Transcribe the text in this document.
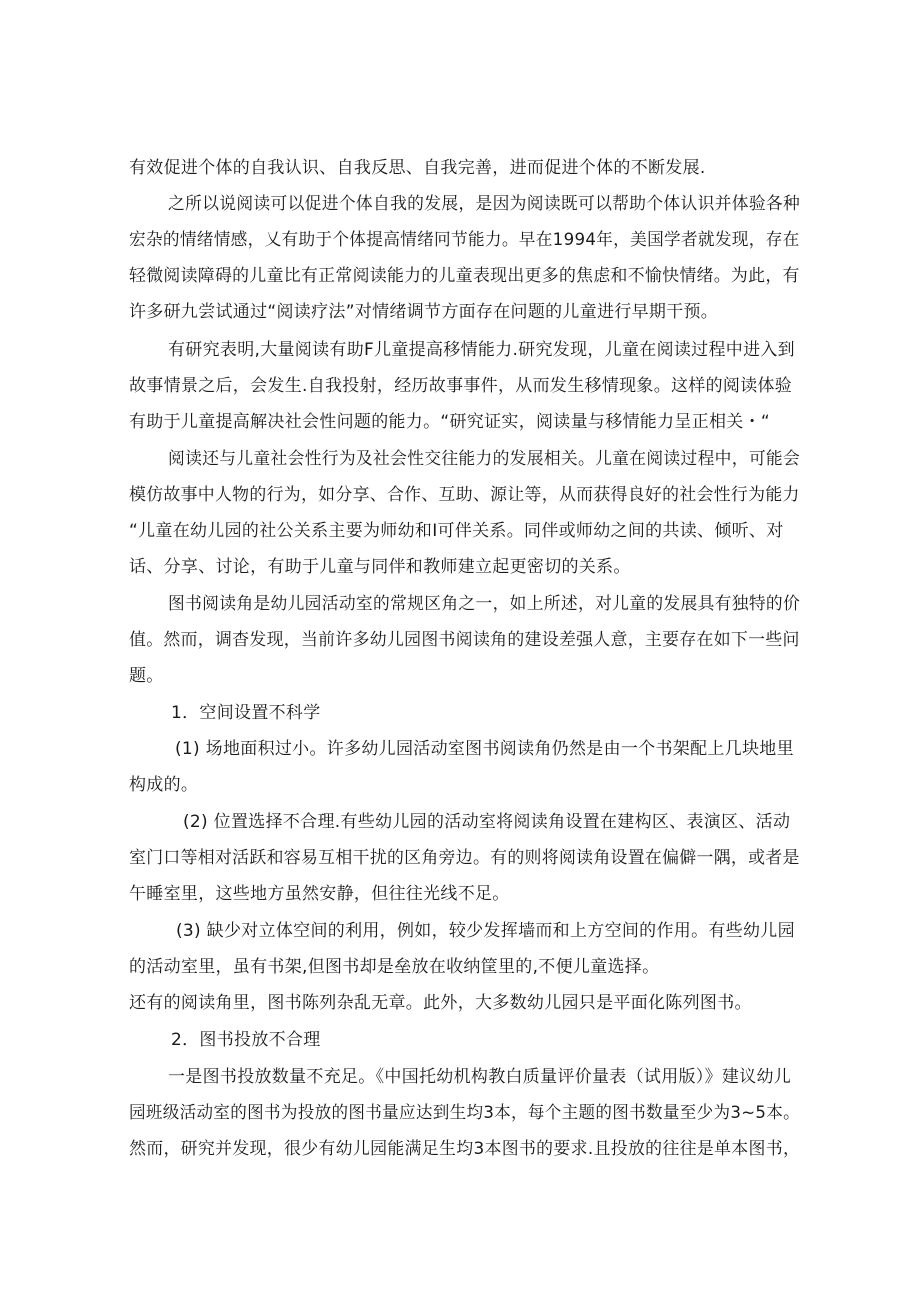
有效促进个体的自我认识、自我反思、自我完善，进而促进个体的不断发展.
之所以说阅读可以促进个体自我的发展，是因为阅读既可以帮助个体认识并体验各种
宏杂的情绪情感，乂有助于个体提高情绪冋节能力。早在1994年，美国学者就发现，存在
轻微阅读障碍的儿童比有正常阅读能力的儿童表现出更多的焦虑和不愉快情绪。为此，有
许多研九尝试通过“阅读疗法”对情绪调节方面存在问题的儿童进行早期干预。
有研究表明,大量阅读有助F儿童提高移情能力.研究发现，儿童在阅读过程中进入到
故事情景之后，会发生.自我投射，经历故事事件，从而发生移情现象。这样的阅读体验
有助于儿童提高解决社会性问题的能力。“研究证实，阅读量与移情能力呈正相关・“
阅读还与儿童社会性行为及社会性交往能力的发展相关。儿童在阅读过程中，可能会
模仿故事中人物的行为，如分享、合作、互助、源让等，从而获得良好的社会性行为能力
“儿童在幼儿园的社公关系主要为师幼和I可伴关系。同伴或师幼之间的共读、倾听、对
话、分享、讨论，有助于儿童与同伴和教师建立起更密切的关系。
图书阅读角是幼儿园活动室的常规区角之一，如上所述，对儿童的发展具有独特的价
值。然而，调杳发现，当前许多幼儿园图书阅读角的建设差强人意，主要存在如下一些问
题。
1．空间设置不科学
(1) 场地面积过小。许多幼儿园活动室图书阅读角仍然是由一个书架配上几块地里
构成的。
(2) 位置选择不合理.有些幼儿园的活动室将阅读角设置在建构区、表演区、活动
室门口等相对活跃和容易互相干扰的区角旁边。有的则将阅读角设置在偏僻一隅，或者是
午睡室里，这些地方虽然安静，但往往光线不足。
(3) 缺少对立体空间的利用，例如，较少发挥墙而和上方空间的作用。有些幼儿园
的活动室里，虽有书架,但图书却是垒放在收纳筐里的,不便儿童选择。
还有的阅读角里，图书陈列杂乱无章。此外，大多数幼儿园只是平面化陈列图书。
2．图书投放不合理
一是图书投放数量不充足。《中国托幼机构教白质量评价量表（试用版）》建议幼儿
园班级活动室的图书为投放的图书量应达到生均3本，每个主题的图书数量至少为3~5本。
然而，研究并发现，很少有幼儿园能满足生均3本图书的要求.且投放的往往是单本图书，
